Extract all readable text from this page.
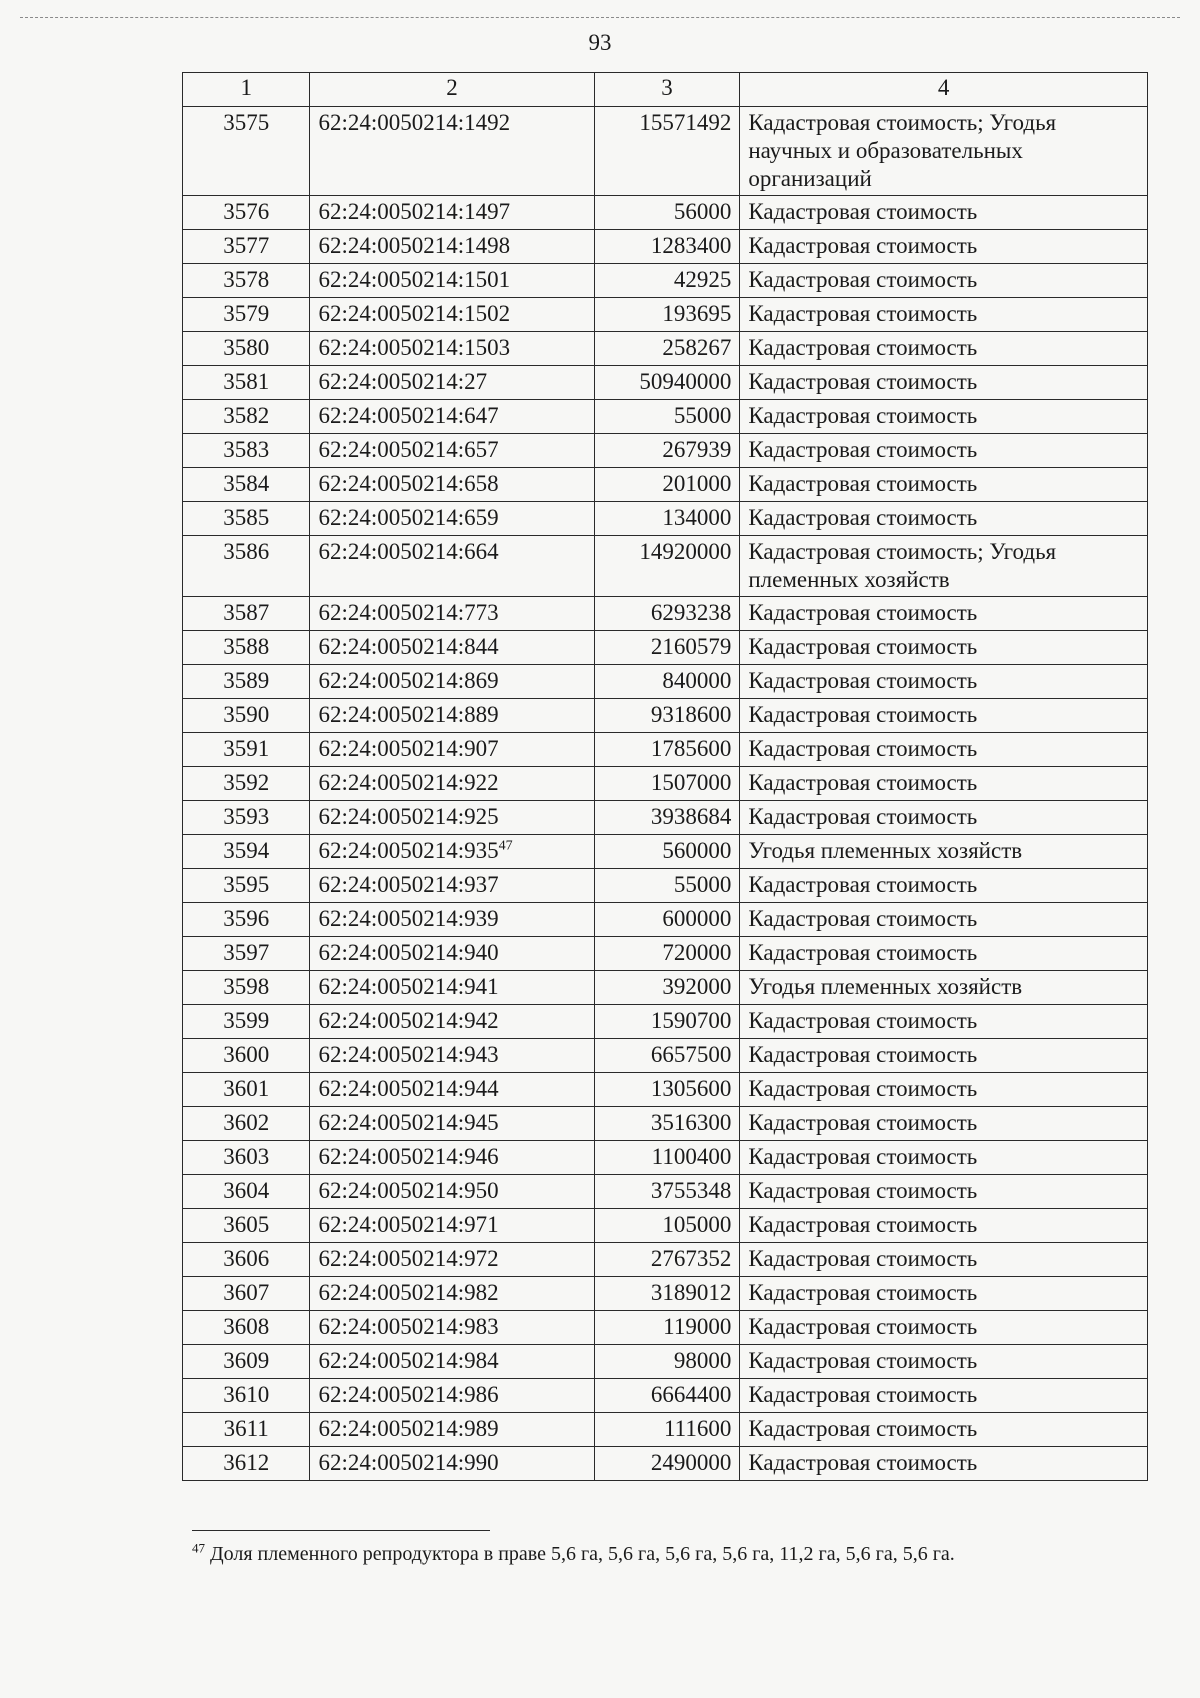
93
1	2	3	4
3575	62:24:0050214:1492	15571492	Кадастровая стоимость; Угодья научных и образовательных организаций
3576	62:24:0050214:1497	56000	Кадастровая стоимость
3577	62:24:0050214:1498	1283400	Кадастровая стоимость
3578	62:24:0050214:1501	42925	Кадастровая стоимость
3579	62:24:0050214:1502	193695	Кадастровая стоимость
3580	62:24:0050214:1503	258267	Кадастровая стоимость
3581	62:24:0050214:27	50940000	Кадастровая стоимость
3582	62:24:0050214:647	55000	Кадастровая стоимость
3583	62:24:0050214:657	267939	Кадастровая стоимость
3584	62:24:0050214:658	201000	Кадастровая стоимость
3585	62:24:0050214:659	134000	Кадастровая стоимость
3586	62:24:0050214:664	14920000	Кадастровая стоимость; Угодья племенных хозяйств
3587	62:24:0050214:773	6293238	Кадастровая стоимость
3588	62:24:0050214:844	2160579	Кадастровая стоимость
3589	62:24:0050214:869	840000	Кадастровая стоимость
3590	62:24:0050214:889	9318600	Кадастровая стоимость
3591	62:24:0050214:907	1785600	Кадастровая стоимость
3592	62:24:0050214:922	1507000	Кадастровая стоимость
3593	62:24:0050214:925	3938684	Кадастровая стоимость
3594	$62:24:0050214:935^{47}$	560000	Угодья племенных хозяйств
3595	62:24:0050214:937	55000	Кадастровая стоимость
3596	62:24:0050214:939	600000	Кадастровая стоимость
3597	62:24:0050214:940	720000	Кадастровая стоимость
3598	62:24:0050214:941	392000	Угодья племенных хозяйств
3599	62:24:0050214:942	1590700	Кадастровая стоимость
3600	62:24:0050214:943	6657500	Кадастровая стоимость
3601	62:24:0050214:944	1305600	Кадастровая стоимость
3602	62:24:0050214:945	3516300	Кадастровая стоимость
3603	62:24:0050214:946	1100400	Кадастровая стоимость
3604	62:24:0050214:950	3755348	Кадастровая стоимость
3605	62:24:0050214:971	105000	Кадастровая стоимость
3606	62:24:0050214:972	2767352	Кадастровая стоимость
3607	62:24:0050214:982	3189012	Кадастровая стоимость
3608	62:24:0050214:983	119000	Кадастровая стоимость
3609	62:24:0050214:984	98000	Кадастровая стоимость
3610	62:24:0050214:986	6664400	Кадастровая стоимость
3611	62:24:0050214:989	111600	Кадастровая стоимость
3612	62:24:0050214:990	2490000	Кадастровая стоимость
$^{47}$ Доля племенного репродуктора в праве 5,6 га, 5,6 га, 5,6 га, 5,6 га, 11,2 га, 5,6 га, 5,6 га.
